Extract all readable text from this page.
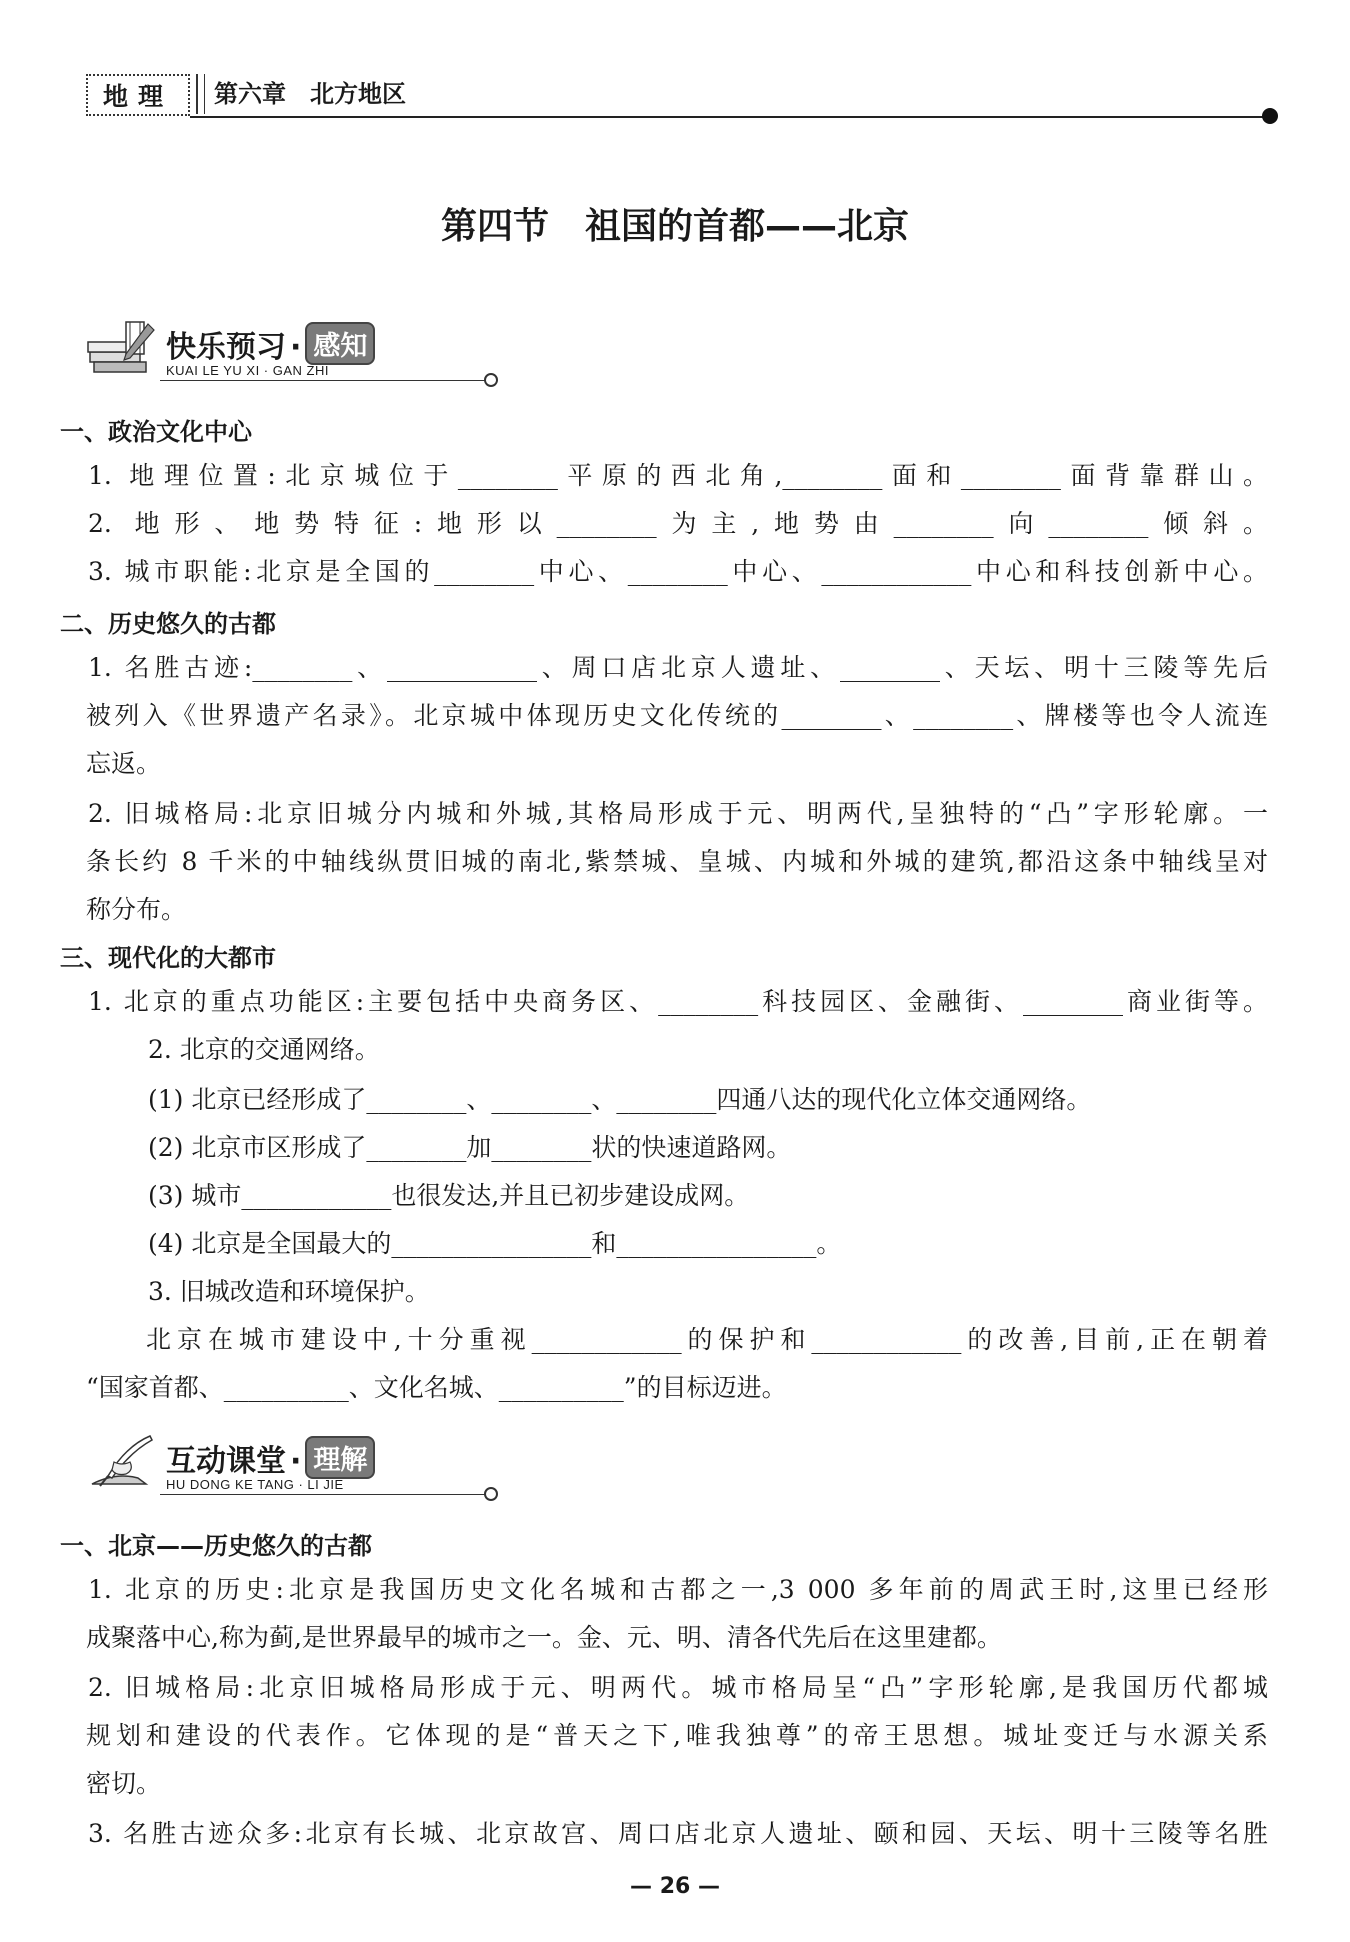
地理 第六章　北方地区
第四节　祖国的首都——北京
快乐预习 · 感知
KUAI LE YU XI · GAN ZHI
一、政治文化中心
1. 地理位置:北京城位于________平原的西北角,________面和________面背靠群山。
2. 地形、地势特征:地形以________为主,地势由________向________倾斜。
3. 城市职能:北京是全国的________中心、________中心、____________中心和科技创新中心。
二、历史悠久的古都
1. 名胜古迹:________、____________、周口店北京人遗址、________、天坛、明十三陵等先后
被列入《世界遗产名录》。北京城中体现历史文化传统的________、________、牌楼等也令人流连
忘返。
2. 旧城格局:北京旧城分内城和外城,其格局形成于元、明两代,呈独特的“凸”字形轮廓。一
条长约 8 千米的中轴线纵贯旧城的南北,紫禁城、皇城、内城和外城的建筑,都沿这条中轴线呈对
称分布。
三、现代化的大都市
1. 北京的重点功能区:主要包括中央商务区、________科技园区、金融街、________商业街等。
2. 北京的交通网络。
(1) 北京已经形成了________、________、________四通八达的现代化立体交通网络。
(2) 北京市区形成了________加________状的快速道路网。
(3) 城市____________也很发达,并且已初步建设成网。
(4) 北京是全国最大的________________和________________。
3. 旧城改造和环境保护。
北京在城市建设中,十分重视____________的保护和____________的改善,目前,正在朝着
“国家首都、__________、文化名城、__________”的目标迈进。
互动课堂 · 理解
HU DONG KE TANG · LI JIE
一、北京——历史悠久的古都
1. 北京的历史:北京是我国历史文化名城和古都之一,3 000 多年前的周武王时,这里已经形
成聚落中心,称为蓟,是世界最早的城市之一。金、元、明、清各代先后在这里建都。
2. 旧城格局:北京旧城格局形成于元、明两代。城市格局呈“凸”字形轮廓,是我国历代都城
规划和建设的代表作。它体现的是“普天之下,唯我独尊”的帝王思想。城址变迁与水源关系
密切。
3. 名胜古迹众多:北京有长城、北京故宫、周口店北京人遗址、颐和园、天坛、明十三陵等名胜
— 26 —
